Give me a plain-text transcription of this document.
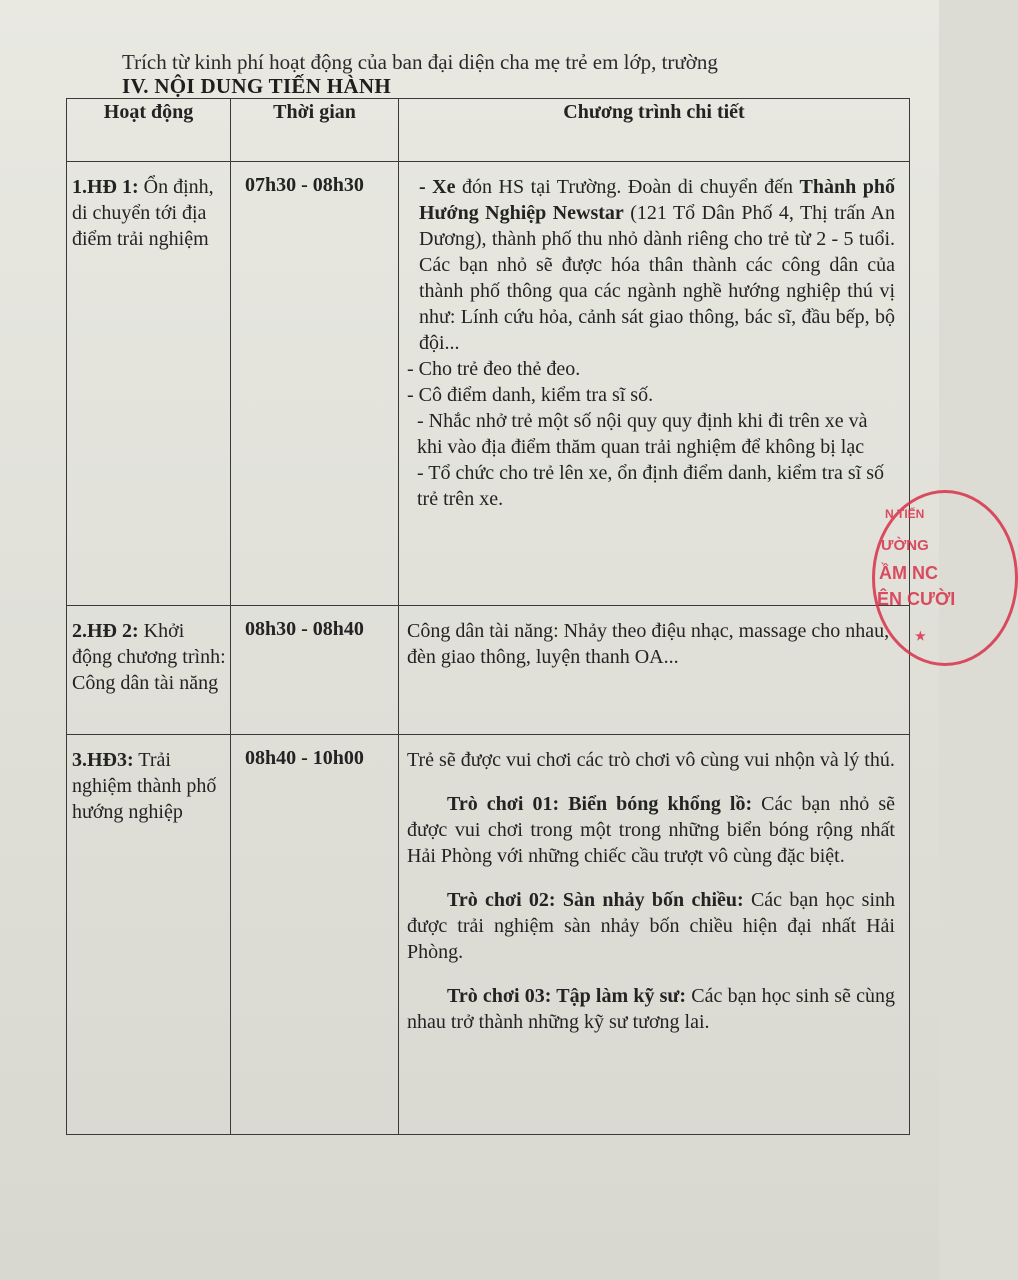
Trích từ kinh phí hoạt động của ban đại diện cha mẹ trẻ em lớp, trường
IV. NỘI DUNG TIẾN HÀNH
Hoạt động	Thời gian	Chương trình chi tiết
1.HĐ 1: Ổn định, di chuyển tới địa điểm trải nghiệm	07h30 - 08h30	- Xe đón HS tại Trường. Đoàn di chuyển đến Thành phố Hướng Nghiệp Newstar (121 Tổ Dân Phố 4, Thị trấn An Dương), thành phố thu nhỏ dành riêng cho trẻ từ 2 - 5 tuổi. Các bạn nhỏ sẽ được hóa thân thành các công dân của thành phố thông qua các ngành nghề hướng nghiệp thú vị như: Lính cứu hỏa, cảnh sát giao thông, bác sĩ, đầu bếp, bộ đội...

- Cho trẻ đeo thẻ đeo.

- Cô điểm danh, kiểm tra sĩ số.

- Nhắc nhở trẻ một số nội quy quy định khi đi trên xe và khi vào địa điểm thăm quan trải nghiệm để không bị lạc

- Tổ chức cho trẻ lên xe, ổn định điểm danh, kiểm tra sĩ số trẻ trên xe.

2.HĐ 2: Khởi động chương trình: Công dân tài năng	08h30 - 08h40	Công dân tài năng: Nhảy theo điệu nhạc, massage cho nhau, đèn giao thông, luyện thanh OA...

3.HĐ3: Trải nghiệm thành phố hướng nghiệp	08h40 - 10h00	Trẻ sẽ được vui chơi các trò chơi vô cùng vui nhộn và lý thú.

Trò chơi 01: Biển bóng khổng lồ: Các bạn nhỏ sẽ được vui chơi trong một trong những biển bóng rộng nhất Hải Phòng với những chiếc cầu trượt vô cùng đặc biệt.

Trò chơi 02: Sàn nhảy bốn chiều: Các bạn học sinh được trải nghiệm sàn nhảy bốn chiều hiện đại nhất Hải Phòng.

Trò chơi 03: Tập làm kỹ sư: Các bạn học sinh sẽ cùng nhau trở thành những kỹ sư tương lai.

N TIẾN
ƯỜNG
ẦM NC
ÊN CƯỜI
★
